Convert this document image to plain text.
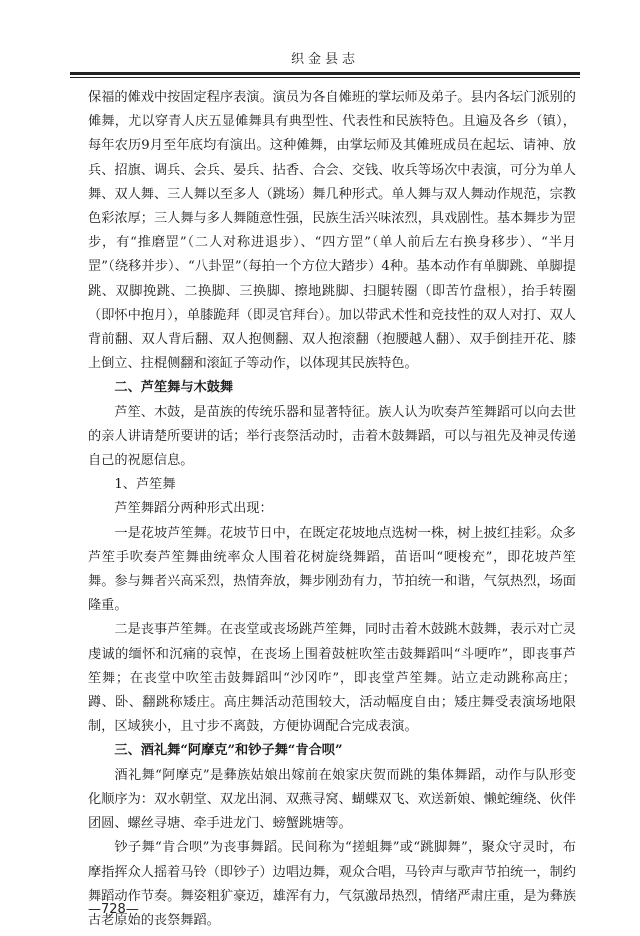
织金县志

保福的傩戏中按固定程序表演。演员为各自傩班的掌坛师及弟子。县内各坛门派别的傩舞，尤以穿青人庆五显傩舞具有典型性、代表性和民族特色。且遍及各乡（镇），每年农历9月至年底均有演出。这种傩舞，由掌坛师及其傩班成员在起坛、请神、放兵、招旗、调兵、会兵、晏兵、拈香、合会、交钱、收兵等场次中表演，可分为单人舞、双人舞、三人舞以至多人（跳场）舞几种形式。单人舞与双人舞动作规范，宗教色彩浓厚；三人舞与多人舞随意性强，民族生活兴味浓烈，具戏剧性。基本舞步为罡步，有“推磨罡”（二人对称进退步）、“四方罡”（单人前后左右换身移步）、“半月罡”（绕移并步）、“八卦罡”（每拍一个方位大踏步）4种。基本动作有单脚跳、单脚提跳、双脚挽跳、二换脚、三换脚、擦地跳脚、扫腿转圈（即苦竹盘根），抬手转圈（即怀中抱月），单膝跪拜（即灵官拜台）。加以带武术性和竞技性的双人对打、双人背前翻、双人背后翻、双人抱侧翻、双人抱滚翻（抱腰越人翻）、双手倒挂开花、膝上倒立、拄棍侧翻和滚缸子等动作，以体现其民族特色。

二、芦笙舞与木鼓舞

芦笙、木鼓，是苗族的传统乐器和显著特征。族人认为吹奏芦笙舞蹈可以向去世的亲人讲请楚所要讲的话；举行丧祭活动时，击着木鼓舞蹈，可以与祖先及神灵传递自己的祝愿信息。

1、芦笙舞

芦笙舞蹈分两种形式出现：

一是花坡芦笙舞。花坡节日中，在既定花坡地点选树一株，树上披红挂彩。众多芦笙手吹奏芦笙舞曲统率众人围着花树旋绕舞蹈，苗语叫“哽梭充”，即花坡芦笙舞。参与舞者兴高采烈，热情奔放，舞步刚劲有力，节拍统一和谐，气氛热烈，场面隆重。

二是丧事芦笙舞。在丧堂或丧场跳芦笙舞，同时击着木鼓跳木鼓舞，表示对亡灵虔诚的缅怀和沉痛的哀悼，在丧场上围着鼓桩吹笙击鼓舞蹈叫“斗哽咋”，即丧事芦笙舞；在丧堂中吹笙击鼓舞蹈叫“沙冈咋”，即丧堂芦笙舞。站立走动跳称高庄；蹲、卧、翻跳称矮庄。高庄舞活动范围较大，活动幅度自由；矮庄舞受表演场地限制，区域狭小，且寸步不离鼓，方便协调配合完成表演。

三、酒礼舞“阿摩克”和钞子舞“肯合呗”

酒礼舞“阿摩克”是彝族姑娘出嫁前在娘家庆贺而跳的集体舞蹈，动作与队形变化顺序为：双水朝堂、双龙出洞、双燕寻窝、蝴蝶双飞、欢送新娘、懒蛇缠绕、伙伴团圆、螺丝寻塘、牵手进龙门、螃蟹跳塘等。

钞子舞“肯合呗”为丧事舞蹈。民间称为“搓蛆舞”或“跳脚舞”，聚众守灵时，布摩指挥众人摇着马铃（即钞子）边唱边舞，观众合唱，马铃声与歌声节拍统一，制约舞蹈动作节奏。舞姿粗犷豪迈，雄浑有力，气氛激昂热烈，情绪严肃庄重，是为彝族古老原始的丧祭舞蹈。

—728—
